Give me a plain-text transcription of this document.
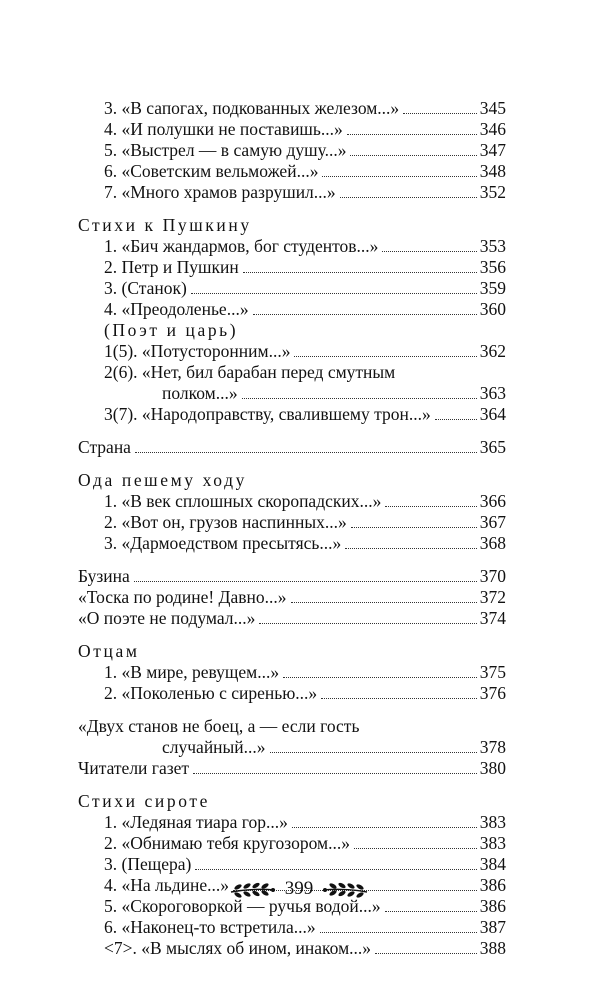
3. «В сапогах, подкованных железом...»	345
4. «И полушки не поставишь...»	346
5. «Выстрел — в самую душу...»	347
6. «Советским вельможей...»	348
7. «Много храмов разрушил...»	352
Стихи к Пушкину
1. «Бич жандармов, бог студентов...»	353
2. Петр и Пушкин	356
3. (Станок)	359
4. «Преодоленье...»	360
(Поэт и царь)
1(5). «Потусторонним...»	362
2(6). «Нет, бил барабан перед смутным
полком...»	363
3(7). «Народоправству, свалившему трон...»	364
Страна	365
Ода пешему ходу
1. «В век сплошных скоропадских...»	366
2. «Вот он, грузов наспинных...»	367
3. «Дармоедством пресытясь...»	368
Бузина	370
«Тоска по родине! Давно...»	372
«О поэте не подумал...»	374
Отцам
1. «В мире, ревущем...»	375
2. «Поколенью с сиренью...»	376
«Двух станов не боец, а — если гость
случайный...»	378
Читатели газет	380
Стихи сироте
1. «Ледяная тиара гор...»	383
2. «Обнимаю тебя кругозором...»	383
3. (Пещера)	384
4. «На льдине...»	386
5. «Скороговоркой — ручья водой...»	386
6. «Наконец-то встретила...»	387
<7>. «В мыслях об ином, инаком...»	388
399
